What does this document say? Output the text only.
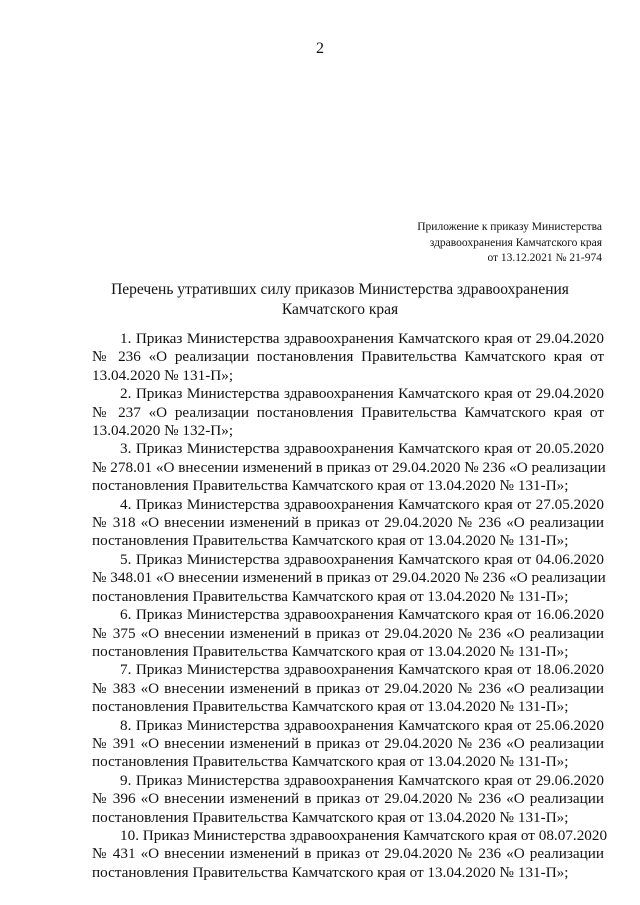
2
Приложение к приказу Министерства
здравоохранения Камчатского края
от 13.12.2021 № 21-974
Перечень утративших силу приказов Министерства здравоохранения
Камчатского края
1. Приказ Министерства здравоохранения Камчатского края от 29.04.2020
№ 236 «О реализации постановления Правительства Камчатского края от
13.04.2020 № 131-П»;
2. Приказ Министерства здравоохранения Камчатского края от 29.04.2020
№ 237 «О реализации постановления Правительства Камчатского края от
13.04.2020 № 132-П»;
3. Приказ Министерства здравоохранения Камчатского края от 20.05.2020
№ 278.01 «О внесении изменений в приказ от 29.04.2020 № 236 «О реализации
постановления Правительства Камчатского края от 13.04.2020 № 131-П»;
4. Приказ Министерства здравоохранения Камчатского края от 27.05.2020
№ 318 «О внесении изменений в приказ от 29.04.2020 № 236 «О реализации
постановления Правительства Камчатского края от 13.04.2020 № 131-П»;
5. Приказ Министерства здравоохранения Камчатского края от 04.06.2020
№ 348.01 «О внесении изменений в приказ от 29.04.2020 № 236 «О реализации
постановления Правительства Камчатского края от 13.04.2020 № 131-П»;
6. Приказ Министерства здравоохранения Камчатского края от 16.06.2020
№ 375 «О внесении изменений в приказ от 29.04.2020 № 236 «О реализации
постановления Правительства Камчатского края от 13.04.2020 № 131-П»;
7. Приказ Министерства здравоохранения Камчатского края от 18.06.2020
№ 383 «О внесении изменений в приказ от 29.04.2020 № 236 «О реализации
постановления Правительства Камчатского края от 13.04.2020 № 131-П»;
8. Приказ Министерства здравоохранения Камчатского края от 25.06.2020
№ 391 «О внесении изменений в приказ от 29.04.2020 № 236 «О реализации
постановления Правительства Камчатского края от 13.04.2020 № 131-П»;
9. Приказ Министерства здравоохранения Камчатского края от 29.06.2020
№ 396 «О внесении изменений в приказ от 29.04.2020 № 236 «О реализации
постановления Правительства Камчатского края от 13.04.2020 № 131-П»;
10. Приказ Министерства здравоохранения Камчатского края от 08.07.2020
№ 431 «О внесении изменений в приказ от 29.04.2020 № 236 «О реализации
постановления Правительства Камчатского края от 13.04.2020 № 131-П»;
